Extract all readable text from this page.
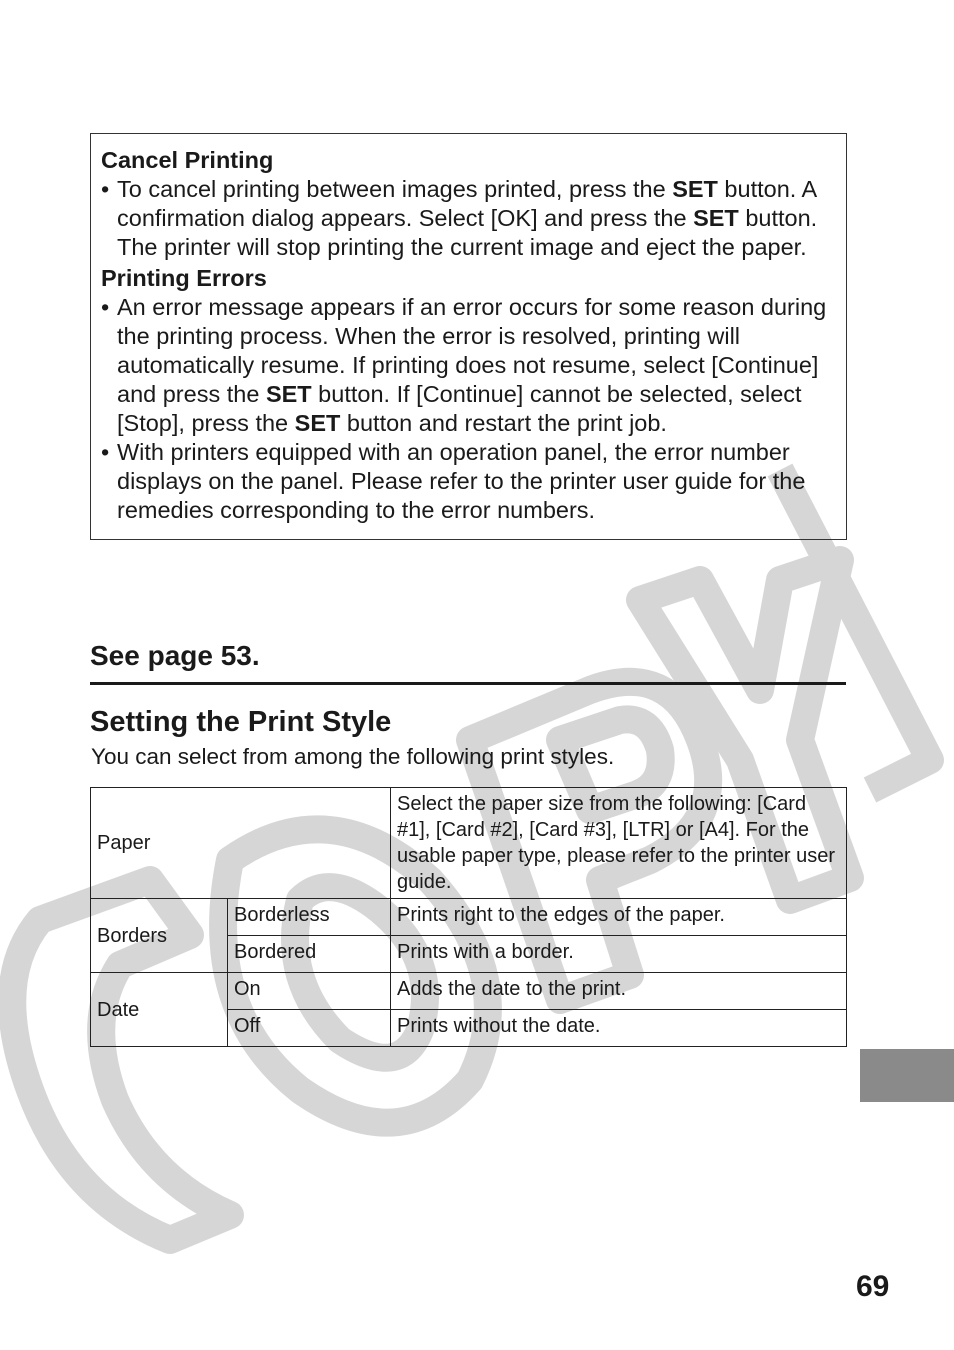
Cancel Printing
• To cancel printing between images printed, press the SET button. A confirmation dialog appears. Select [OK] and press the SET button.

The printer will stop printing the current image and eject the paper.

Printing Errors
• An error message appears if an error occurs for some reason during the printing process. When the error is resolved, printing will automatically resume. If printing does not resume, select [Continue] and press the SET button. If [Continue] cannot be selected, select [Stop], press the SET button and restart the print job.

• With printers equipped with an operation panel, the error number displays on the panel. Please refer to the printer user guide for the remedies corresponding to the error numbers.

See page 53.
Setting the Print Style
You can select from among the following print styles.
Paper		Select the paper size from the following: [Card #1], [Card #2], [Card #3], [LTR] or [A4]. For the usable paper type, please refer to the printer user guide.
Borders	Borderless	Prints right to the edges of the paper.
	Bordered	Prints with a border.
Date	On	Adds the date to the print.
	Off	Prints without the date.
69
